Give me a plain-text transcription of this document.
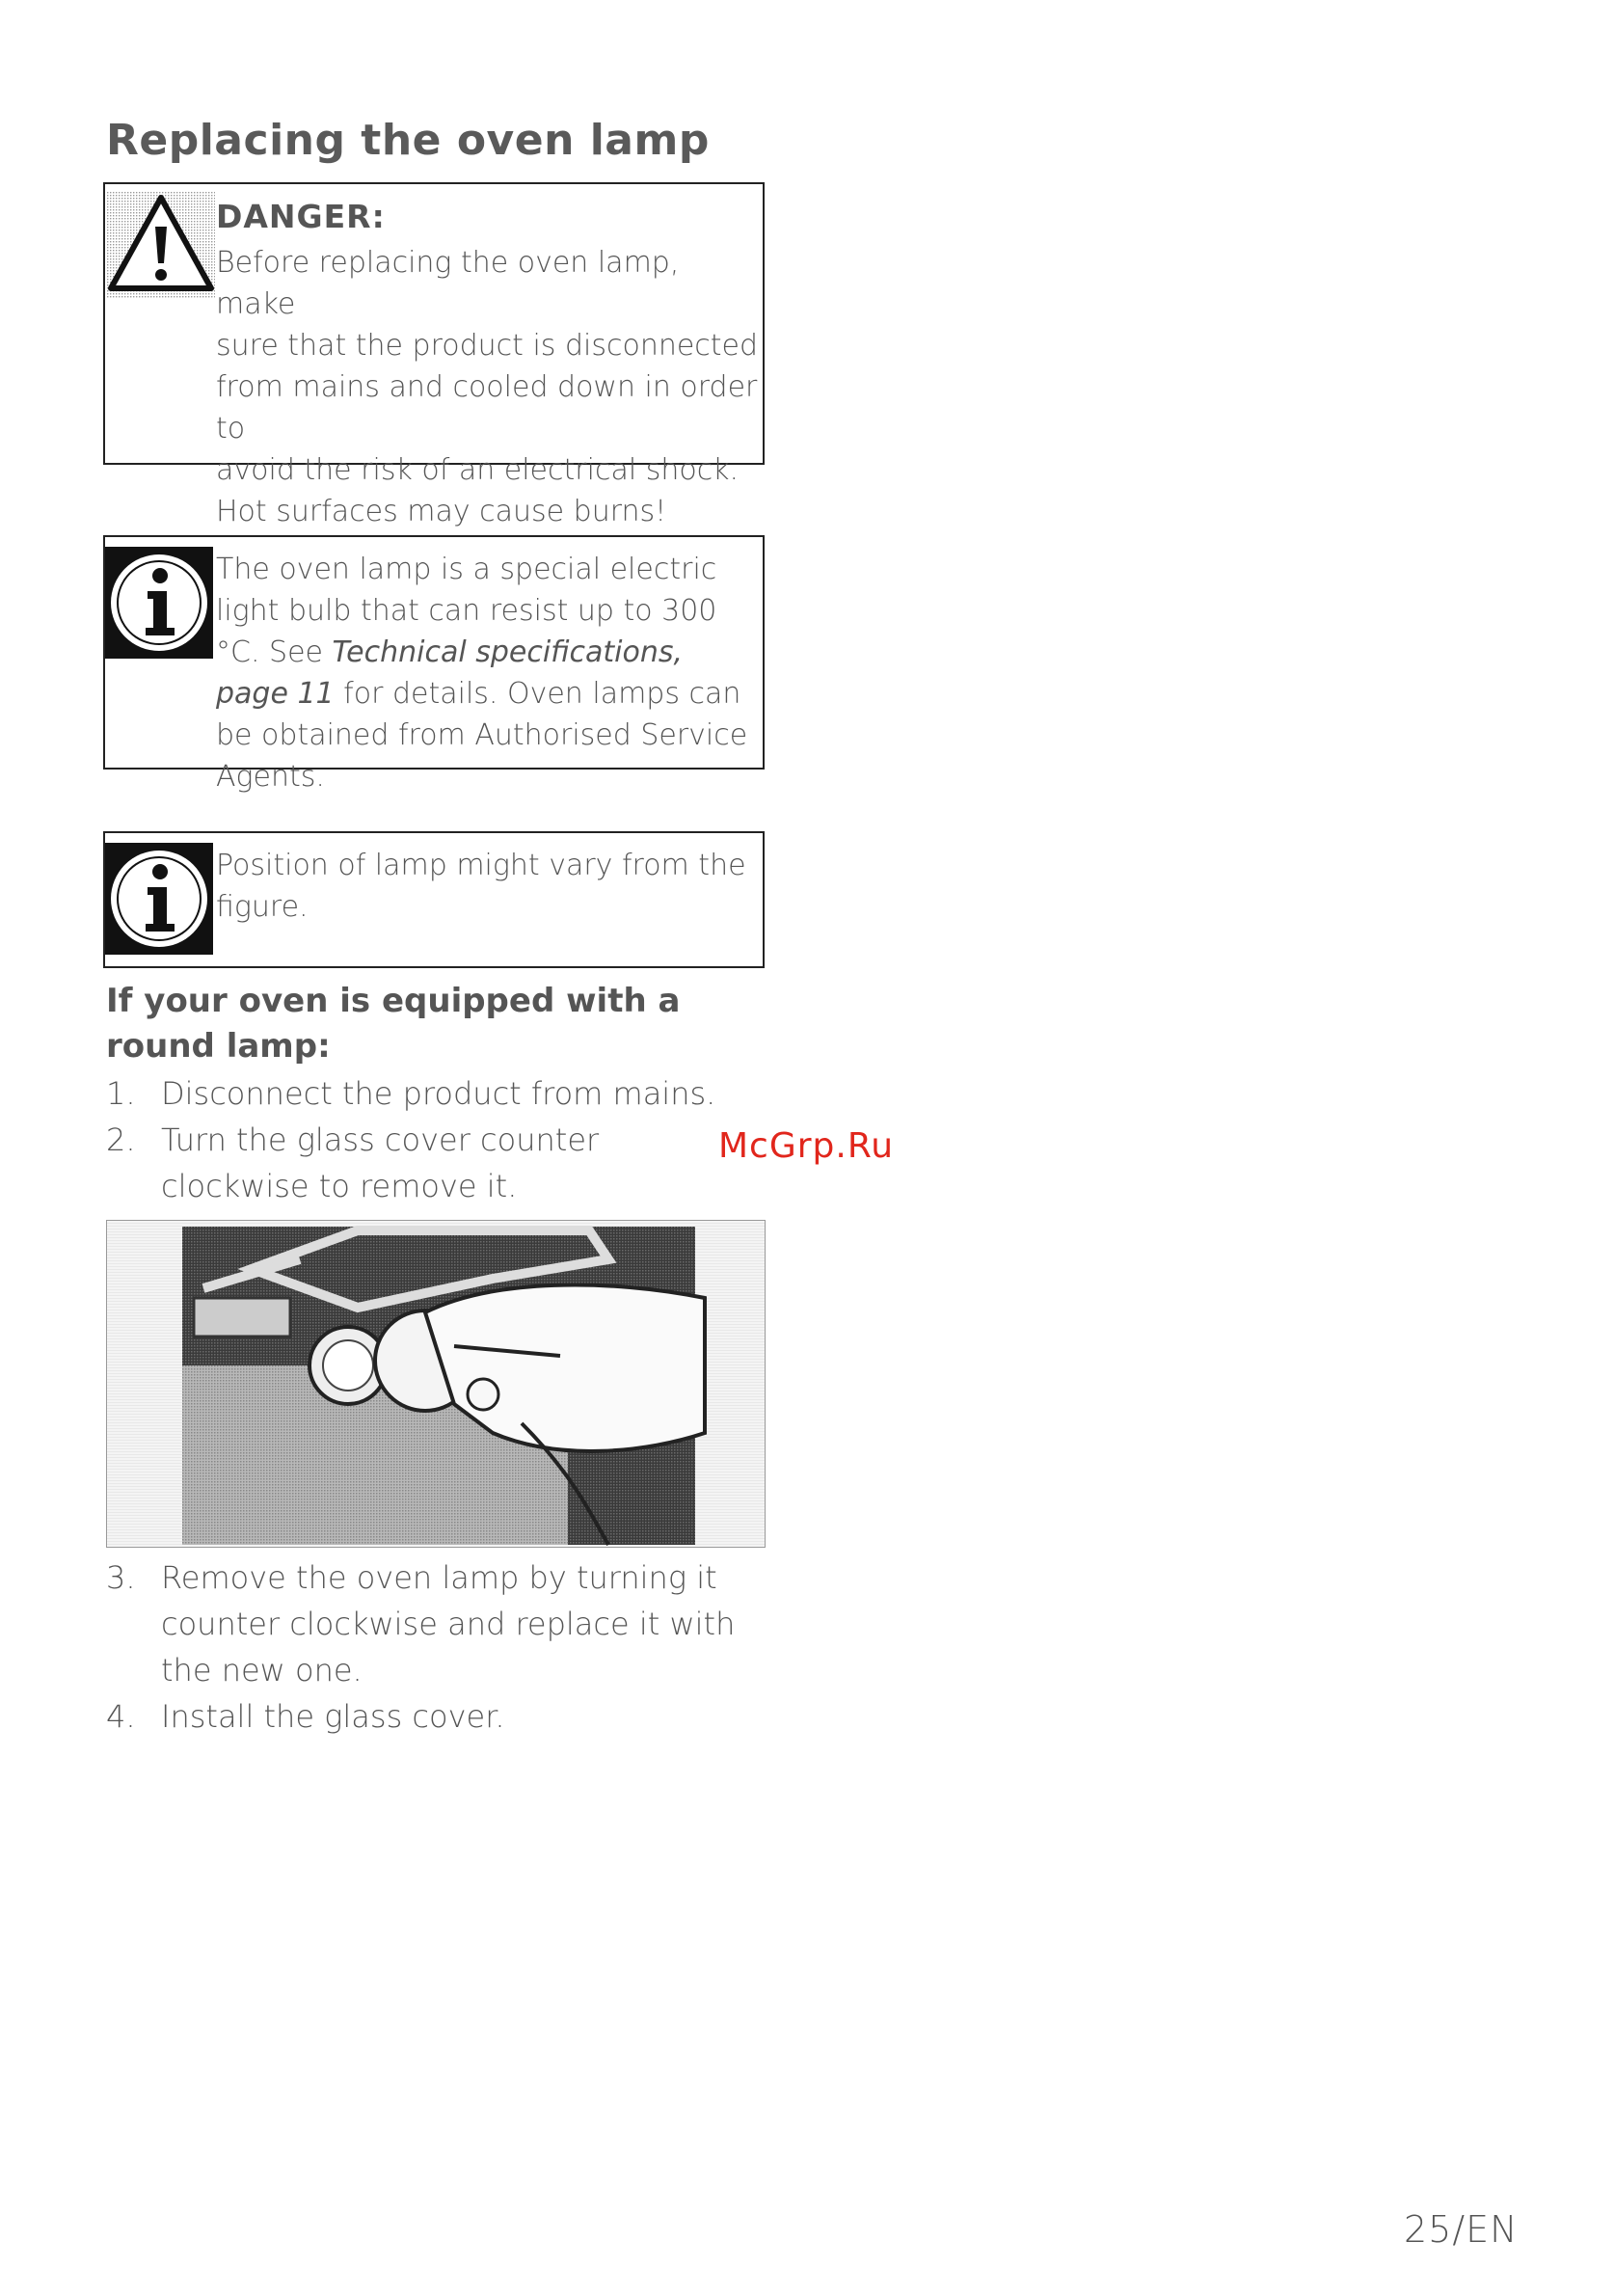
Replacing the oven lamp
DANGER:
Before replacing the oven lamp, make
sure that the product is disconnected
from mains and cooled down in order to
avoid the risk of an electrical shock.
Hot surfaces may cause burns!
The oven lamp is a special electric light bulb that can resist up to 300 °C. See Technical specifications, page 11 for details. Oven lamps can be obtained from Authorised Service Agents.
Position of lamp might vary from the figure.
If your oven is equipped with a round lamp:
1. Disconnect the product from mains.
2. Turn the glass cover counter clockwise to remove it.
McGrp.Ru
3. Remove the oven lamp by turning it counter clockwise and replace it with the new one.
4. Install the glass cover.
25/EN
